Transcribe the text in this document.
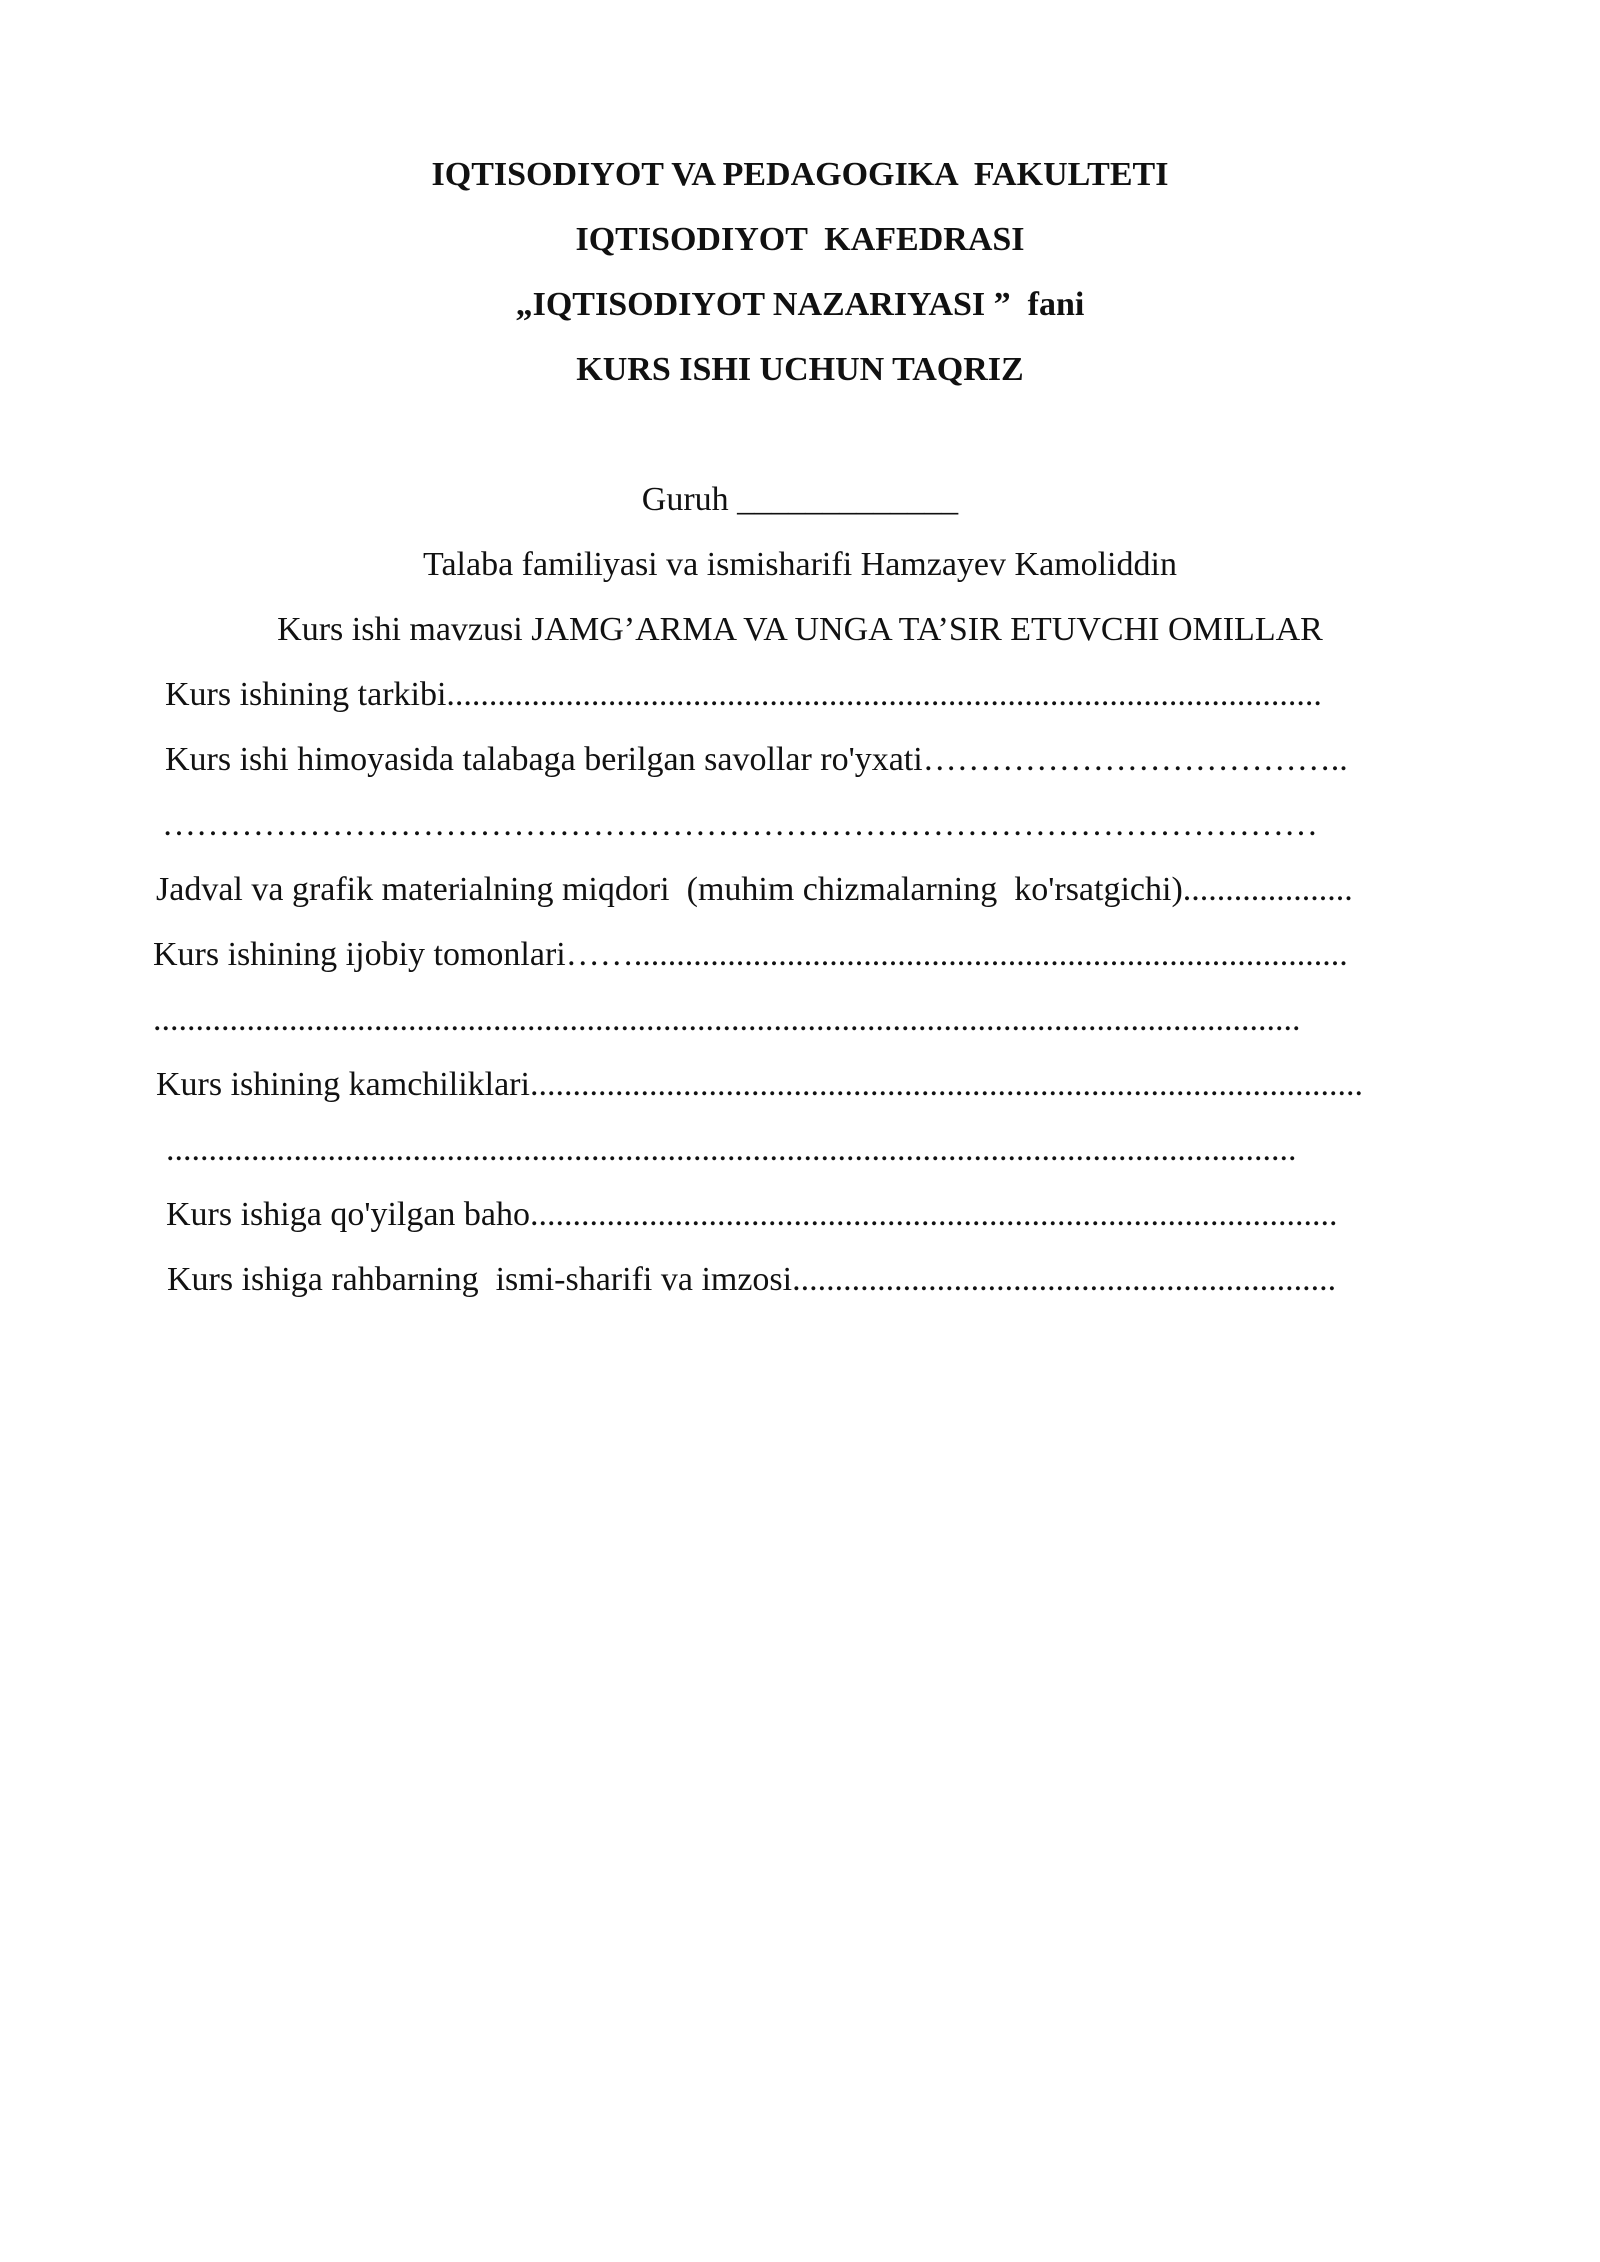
IQTISODIYOT VA PEDAGOGIKA  FAKULTETI
IQTISODIYOT  KAFEDRASI
„IQTISODIYOT NAZARIYASI ”  fani
KURS ISHI UCHUN TAQRIZ
Guruh _____________
Talaba familiyasi va ismisharifi Hamzayev Kamoliddin
Kurs ishi mavzusi JAMG’ARMA VA UNGA TA’SIR ETUVCHI OMILLAR
Kurs ishining tarkibi.......................................................................................................
Kurs ishi himoyasida talabaga berilgan savollar ro'yxati………………………………..
…………………………………………………………………………………………
Jadval va grafik materialning miqdori  (muhim chizmalarning  ko'rsatgichi)....................
Kurs ishining ijobiy tomonlari……....................................................................................
.......................................................................................................................................
Kurs ishining kamchiliklari..................................................................................................
.....................................................................................................................................
Kurs ishiga qo'yilgan baho...............................................................................................
Kurs ishiga rahbarning  ismi-sharifi va imzosi................................................................
